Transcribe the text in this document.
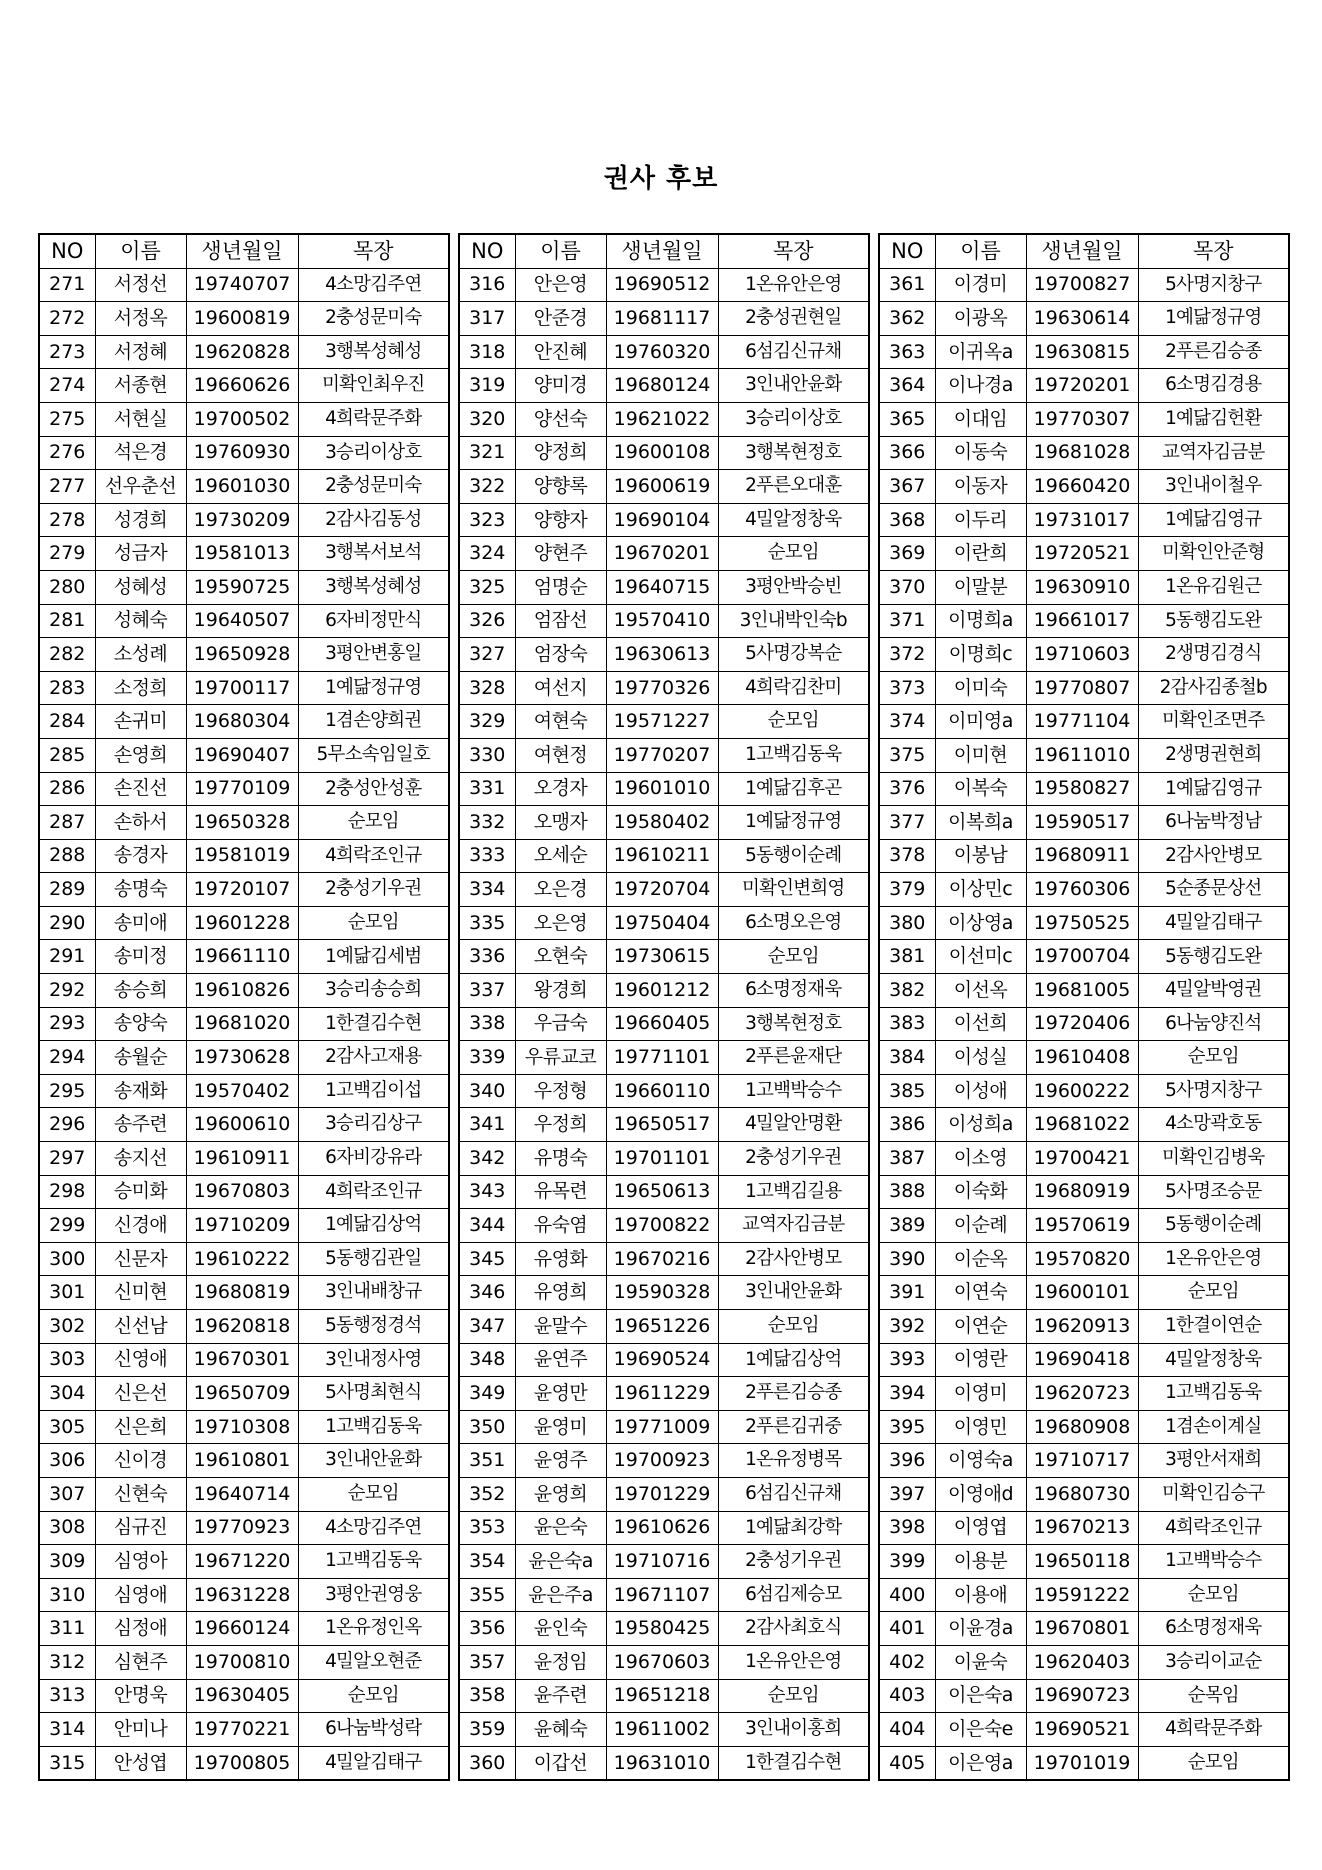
권사 후보
NO	이름	생년월일	목장
271	서정선	19740707	4소망김주연
272	서정옥	19600819	2충성문미숙
273	서정혜	19620828	3행복성혜성
274	서종현	19660626	미확인최우진
275	서현실	19700502	4희락문주화
276	석은경	19760930	3승리이상호
277	선우춘선	19601030	2충성문미숙
278	성경희	19730209	2감사김동성
279	성금자	19581013	3행복서보석
280	성혜성	19590725	3행복성혜성
281	성혜숙	19640507	6자비정만식
282	소성례	19650928	3평안변홍일
283	소정희	19700117	1예닮정규영
284	손귀미	19680304	1겸손양희권
285	손영희	19690407	5무소속임일호
286	손진선	19770109	2충성안성훈
287	손하서	19650328	순모임
288	송경자	19581019	4희락조인규
289	송명숙	19720107	2충성기우권
290	송미애	19601228	순모임
291	송미정	19661110	1예닮김세범
292	송승희	19610826	3승리송승희
293	송양숙	19681020	1한결김수현
294	송월순	19730628	2감사고재용
295	송재화	19570402	1고백김이섭
296	송주련	19600610	3승리김상구
297	송지선	19610911	6자비강유라
298	승미화	19670803	4희락조인규
299	신경애	19710209	1예닮김상억
300	신문자	19610222	5동행김관일
301	신미현	19680819	3인내배창규
302	신선남	19620818	5동행정경석
303	신영애	19670301	3인내정사영
304	신은선	19650709	5사명최현식
305	신은희	19710308	1고백김동욱
306	신이경	19610801	3인내안윤화
307	신현숙	19640714	순모임
308	심규진	19770923	4소망김주연
309	심영아	19671220	1고백김동욱
310	심영애	19631228	3평안권영웅
311	심정애	19660124	1온유정인옥
312	심현주	19700810	4밀알오현준
313	안명욱	19630405	순모임
314	안미나	19770221	6나눔박성락
315	안성엽	19700805	4밀알김태구
NO	이름	생년월일	목장
316	안은영	19690512	1온유안은영
317	안준경	19681117	2충성권현일
318	안진혜	19760320	6섬김신규채
319	양미경	19680124	3인내안윤화
320	양선숙	19621022	3승리이상호
321	양정희	19600108	3행복현정호
322	양향록	19600619	2푸른오대훈
323	양향자	19690104	4밀알정창욱
324	양현주	19670201	순모임
325	엄명순	19640715	3평안박승빈
326	엄잠선	19570410	3인내박인숙b
327	엄장숙	19630613	5사명강복순
328	여선지	19770326	4희락김찬미
329	여현숙	19571227	순모임
330	여현정	19770207	1고백김동욱
331	오경자	19601010	1예닮김후곤
332	오맹자	19580402	1예닮정규영
333	오세순	19610211	5동행이순례
334	오은경	19720704	미확인변희영
335	오은영	19750404	6소명오은영
336	오현숙	19730615	순모임
337	왕경희	19601212	6소명정재욱
338	우금숙	19660405	3행복현정호
339	우류교코	19771101	2푸른윤재단
340	우정형	19660110	1고백박승수
341	우정희	19650517	4밀알안명환
342	유명숙	19701101	2충성기우권
343	유목련	19650613	1고백김길용
344	유숙염	19700822	교역자김금분
345	유영화	19670216	2감사안병모
346	유영희	19590328	3인내안윤화
347	윤말수	19651226	순모임
348	윤연주	19690524	1예닮김상억
349	윤영만	19611229	2푸른김승종
350	윤영미	19771009	2푸른김귀중
351	윤영주	19700923	1온유정병목
352	윤영희	19701229	6섬김신규채
353	윤은숙	19610626	1예닮최강학
354	윤은숙a	19710716	2충성기우권
355	윤은주a	19671107	6섬김제승모
356	윤인숙	19580425	2감사최호식
357	윤정임	19670603	1온유안은영
358	윤주련	19651218	순모임
359	윤혜숙	19611002	3인내이홍희
360	이갑선	19631010	1한결김수현
NO	이름	생년월일	목장
361	이경미	19700827	5사명지창구
362	이광옥	19630614	1예닮정규영
363	이귀옥a	19630815	2푸른김승종
364	이나경a	19720201	6소명김경용
365	이대임	19770307	1예닮김헌환
366	이동숙	19681028	교역자김금분
367	이동자	19660420	3인내이철우
368	이두리	19731017	1예닮김영규
369	이란희	19720521	미확인안준형
370	이말분	19630910	1온유김원근
371	이명희a	19661017	5동행김도완
372	이명희c	19710603	2생명김경식
373	이미숙	19770807	2감사김종철b
374	이미영a	19771104	미확인조면주
375	이미현	19611010	2생명권현희
376	이복숙	19580827	1예닮김영규
377	이복희a	19590517	6나눔박정남
378	이봉남	19680911	2감사안병모
379	이상민c	19760306	5순종문상선
380	이상영a	19750525	4밀알김태구
381	이선미c	19700704	5동행김도완
382	이선옥	19681005	4밀알박영권
383	이선희	19720406	6나눔양진석
384	이성실	19610408	순모임
385	이성애	19600222	5사명지창구
386	이성희a	19681022	4소망곽호동
387	이소영	19700421	미확인김병욱
388	이숙화	19680919	5사명조승문
389	이순례	19570619	5동행이순례
390	이순옥	19570820	1온유안은영
391	이연숙	19600101	순모임
392	이연순	19620913	1한결이연순
393	이영란	19690418	4밀알정창욱
394	이영미	19620723	1고백김동욱
395	이영민	19680908	1겸손이계실
396	이영숙a	19710717	3평안서재희
397	이영애d	19680730	미확인김승구
398	이영엽	19670213	4희락조인규
399	이용분	19650118	1고백박승수
400	이용애	19591222	순모임
401	이윤경a	19670801	6소명정재욱
402	이윤숙	19620403	3승리이교순
403	이은숙a	19690723	순목임
404	이은숙e	19690521	4희락문주화
405	이은영a	19701019	순모임
